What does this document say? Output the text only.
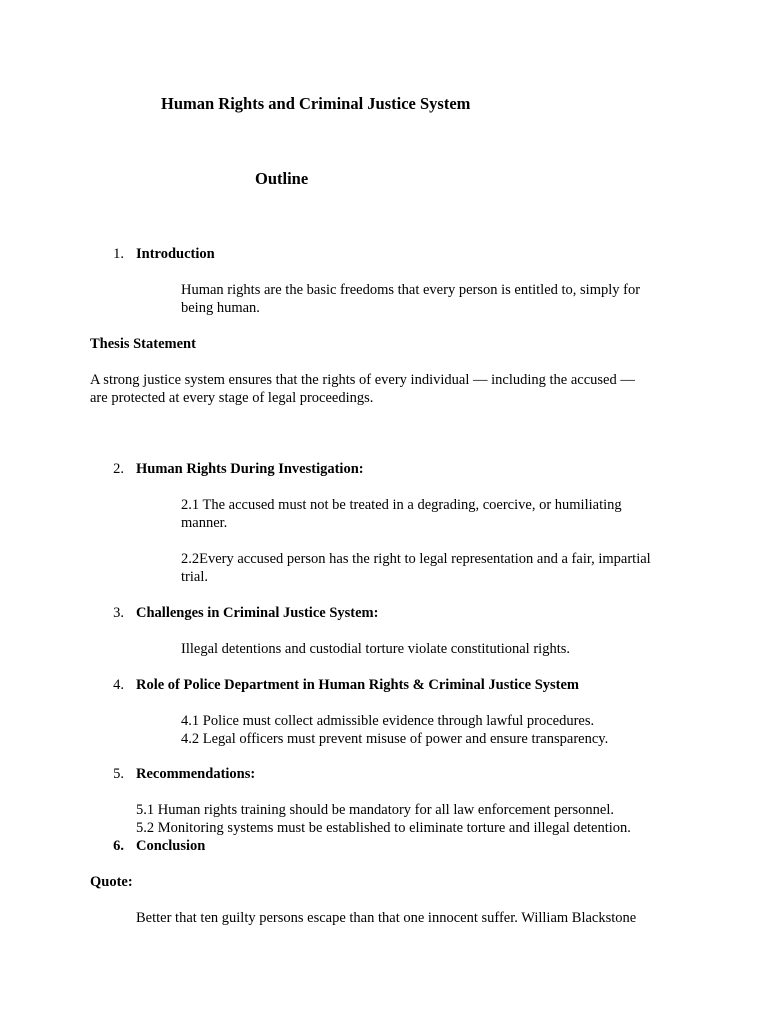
Human Rights and Criminal Justice System
Outline
1. Introduction
Human rights are the basic freedoms that every person is entitled to, simply for
being human.
Thesis Statement
A strong justice system ensures that the rights of every individual — including the accused —
are protected at every stage of legal proceedings.
2. Human Rights During Investigation:
2.1 The accused must not be treated in a degrading, coercive, or humiliating
manner.
2.2Every accused person has the right to legal representation and a fair, impartial
trial.
3. Challenges in Criminal Justice System:
Illegal detentions and custodial torture violate constitutional rights.
4. Role of Police Department in Human Rights & Criminal Justice System
4.1 Police must collect admissible evidence through lawful procedures.
4.2 Legal officers must prevent misuse of power and ensure transparency.
5. Recommendations:
5.1 Human rights training should be mandatory for all law enforcement personnel.
5.2 Monitoring systems must be established to eliminate torture and illegal detention.
6. Conclusion
Quote:
Better that ten guilty persons escape than that one innocent suffer. William Blackstone
